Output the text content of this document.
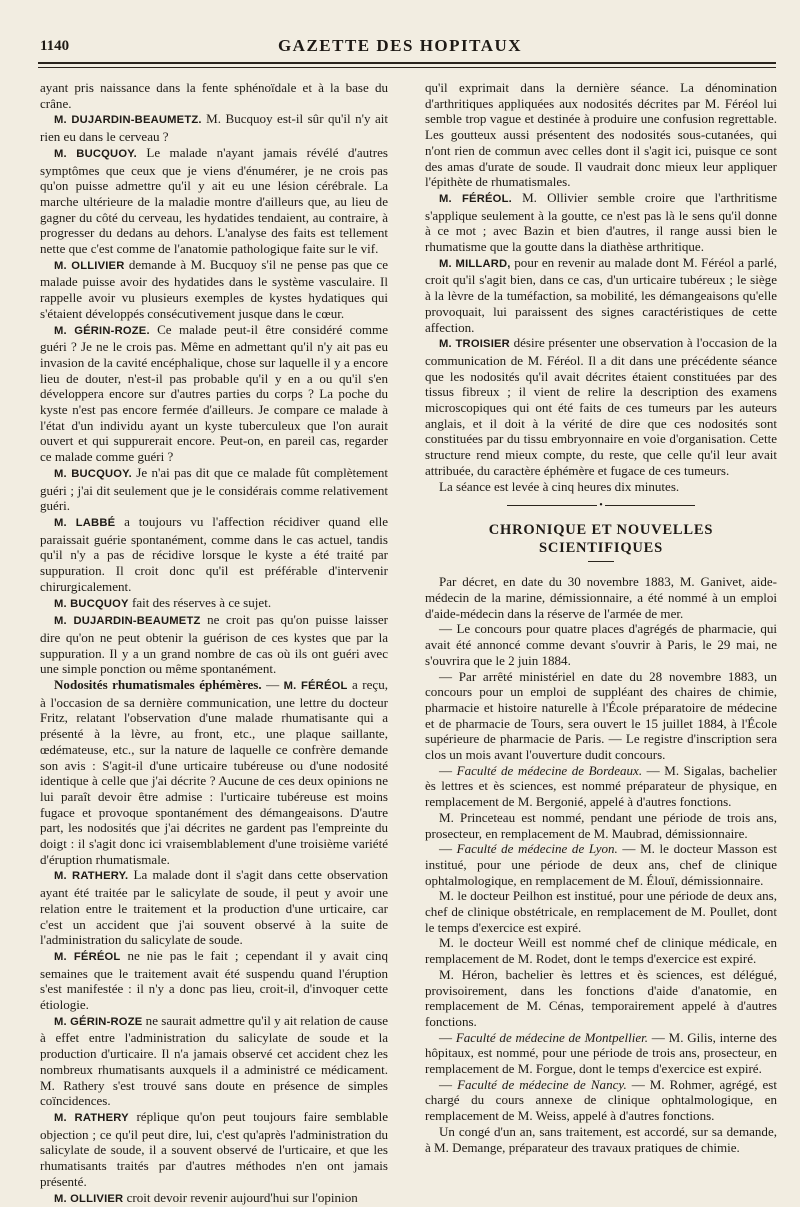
1140	GAZETTE DES HOPITAUX

ayant pris naissance dans la fente sphénoïdale et à la base du crâne.

M. DUJARDIN-BEAUMETZ. M. Bucquoy est-il sûr qu'il n'y ait rien eu dans le cerveau ?

M. BUCQUOY. Le malade n'ayant jamais révélé d'autres symptômes que ceux que je viens d'énumérer, je ne crois pas qu'on puisse admettre qu'il y ait eu une lésion cérébrale. La marche ultérieure de la maladie montre d'ailleurs que, au lieu de gagner du côté du cerveau, les hydatides tendaient, au contraire, à progresser du dedans au dehors. L'analyse des faits est tellement nette que c'est comme de l'anatomie pathologique faite sur le vif.

M. OLLIVIER demande à M. Bucquoy s'il ne pense pas que ce malade puisse avoir des hydatides dans le système vasculaire. Il rappelle avoir vu plusieurs exemples de kystes hydatiques qui s'étaient développés consécutivement jusque dans le cœur.

M. GÉRIN-ROZE. Ce malade peut-il être considéré comme guéri ? Je ne le crois pas. Même en admettant qu'il n'y ait pas eu invasion de la cavité encéphalique, chose sur laquelle il y a encore lieu de douter, n'est-il pas probable qu'il y en a ou qu'il s'en développera encore sur d'autres parties du corps ? La poche du kyste n'est pas encore fermée d'ailleurs. Je compare ce malade à l'état d'un individu ayant un kyste tuberculeux que l'on aurait ouvert et qui suppurerait encore. Peut-on, en pareil cas, regarder ce malade comme guéri ?

M. BUCQUOY. Je n'ai pas dit que ce malade fût complètement guéri ; j'ai dit seulement que je le considérais comme relativement guéri.

M. LABBÉ a toujours vu l'affection récidiver quand elle paraissait guérie spontanément, comme dans le cas actuel, tandis qu'il n'y a pas de récidive lorsque le kyste a été traité par suppuration. Il croit donc qu'il est préférable d'intervenir chirurgicalement.

M. BUCQUOY fait des réserves à ce sujet.

M. DUJARDIN-BEAUMETZ ne croit pas qu'on puisse laisser dire qu'on ne peut obtenir la guérison de ces kystes que par la suppuration. Il y a un grand nombre de cas où ils ont guéri avec une simple ponction ou même spontanément.

Nodosités rhumatismales éphémères. — M. FÉRÉOL a reçu, à l'occasion de sa dernière communication, une lettre du docteur Fritz, relatant l'observation d'une malade rhumatisante qui a présenté à la lèvre, au front, etc., une plaque saillante, œdémateuse, etc., sur la nature de laquelle ce confrère demande son avis : S'agit-il d'une urticaire tubéreuse ou d'une nodosité identique à celle que j'ai décrite ? Aucune de ces deux opinions ne lui paraît devoir être admise : l'urticaire tubéreuse est moins fugace et provoque spontanément des démangeaisons. D'autre part, les nodosités que j'ai décrites ne gardent pas l'empreinte du doigt : il s'agit donc ici vraisemblablement d'une troisième variété d'éruption rhumatismale.

M. RATHERY. La malade dont il s'agit dans cette observation ayant été traitée par le salicylate de soude, il peut y avoir une relation entre le traitement et la production d'une urticaire, car c'est un accident que j'ai souvent observé à la suite de l'administration du salicylate de soude.

M. FÉRÉOL ne nie pas le fait ; cependant il y avait cinq semaines que le traitement avait été suspendu quand l'éruption s'est manifestée : il n'y a donc pas lieu, croit-il, d'invoquer cette étiologie.

M. GÉRIN-ROZE ne saurait admettre qu'il y ait relation de cause à effet entre l'administration du salicylate de soude et la production d'urticaire. Il n'a jamais observé cet accident chez les nombreux rhumatisants auxquels il a administré ce médicament. M. Rathery s'est trouvé sans doute en présence de simples coïncidences.

M. RATHERY réplique qu'on peut toujours faire semblable objection ; ce qu'il peut dire, lui, c'est qu'après l'administration du salicylate de soude, il a souvent observé de l'urticaire, et que les rhumatisants traités par d'autres méthodes n'en ont jamais présenté.

M. OLLIVIER croit devoir revenir aujourd'hui sur l'opinion

qu'il exprimait dans la dernière séance. La dénomination d'arthritiques appliquées aux nodosités décrites par M. Féréol lui semble trop vague et destinée à produire une confusion regrettable. Les goutteux aussi présentent des nodosités sous-cutanées, qui n'ont rien de commun avec celles dont il s'agit ici, puisque ce sont des amas d'urate de soude. Il vaudrait donc mieux leur appliquer l'épithète de rhumatismales.

M. FÉRÉOL. M. Ollivier semble croire que l'arthritisme s'applique seulement à la goutte, ce n'est pas là le sens qu'il donne à ce mot ; avec Bazin et bien d'autres, il range aussi bien le rhumatisme que la goutte dans la diathèse arthritique.

M. MILLARD, pour en revenir au malade dont M. Féréol a parlé, croit qu'il s'agit bien, dans ce cas, d'un urticaire tubéreux ; le siège à la lèvre de la tuméfaction, sa mobilité, les démangeaisons qu'elle provoquait, lui paraissent des signes caractéristiques de cette affection.

M. TROISIER désire présenter une observation à l'occasion de la communication de M. Féréol. Il a dit dans une précédente séance que les nodosités qu'il avait décrites étaient constituées par des tissus fibreux ; il vient de relire la description des examens microscopiques qui ont été faits de ces tumeurs par les auteurs anglais, et il doit à la vérité de dire que ces nodosités sont constituées par du tissu embryonnaire en voie d'organisation. Cette structure rend mieux compte, du reste, que celle qu'il leur avait attribuée, du caractère éphémère et fugace de ces tumeurs.

La séance est levée à cinq heures dix minutes.

•
CHRONIQUE ET NOUVELLES SCIENTIFIQUES

Par décret, en date du 30 novembre 1883, M. Ganivet, aide-médecin de la marine, démissionnaire, a été nommé à un emploi d'aide-médecin dans la réserve de l'armée de mer.

— Le concours pour quatre places d'agrégés de pharmacie, qui avait été annoncé comme devant s'ouvrir à Paris, le 29 mai, ne s'ouvrira que le 2 juin 1884.

— Par arrêté ministériel en date du 28 novembre 1883, un concours pour un emploi de suppléant des chaires de chimie, pharmacie et histoire naturelle à l'École préparatoire de médecine et de pharmacie de Tours, sera ouvert le 15 juillet 1884, à l'École supérieure de pharmacie de Paris. — Le registre d'inscription sera clos un mois avant l'ouverture dudit concours.

— Faculté de médecine de Bordeaux. — M. Sigalas, bachelier ès lettres et ès sciences, est nommé préparateur de physique, en remplacement de M. Bergonié, appelé à d'autres fonctions.

M. Princeteau est nommé, pendant une période de trois ans, prosecteur, en remplacement de M. Maubrad, démissionnaire.

— Faculté de médecine de Lyon. — M. le docteur Masson est institué, pour une période de deux ans, chef de clinique ophtalmologique, en remplacement de M. Élouï, démissionnaire.

M. le docteur Peilhon est institué, pour une période de deux ans, chef de clinique obstétricale, en remplacement de M. Poullet, dont le temps d'exercice est expiré.

M. le docteur Weill est nommé chef de clinique médicale, en remplacement de M. Rodet, dont le temps d'exercice est expiré.

M. Héron, bachelier ès lettres et ès sciences, est délégué, provisoirement, dans les fonctions d'aide d'anatomie, en remplacement de M. Cénas, temporairement appelé à d'autres fonctions.

— Faculté de médecine de Montpellier. — M. Gilis, interne des hôpitaux, est nommé, pour une période de trois ans, prosecteur, en remplacement de M. Forgue, dont le temps d'exercice est expiré.

— Faculté de médecine de Nancy. — M. Rohmer, agrégé, est chargé du cours annexe de clinique ophtalmologique, en remplacement de M. Weiss, appelé à d'autres fonctions.

Un congé d'un an, sans traitement, est accordé, sur sa demande, à M. Demange, préparateur des travaux pratiques de chimie.
